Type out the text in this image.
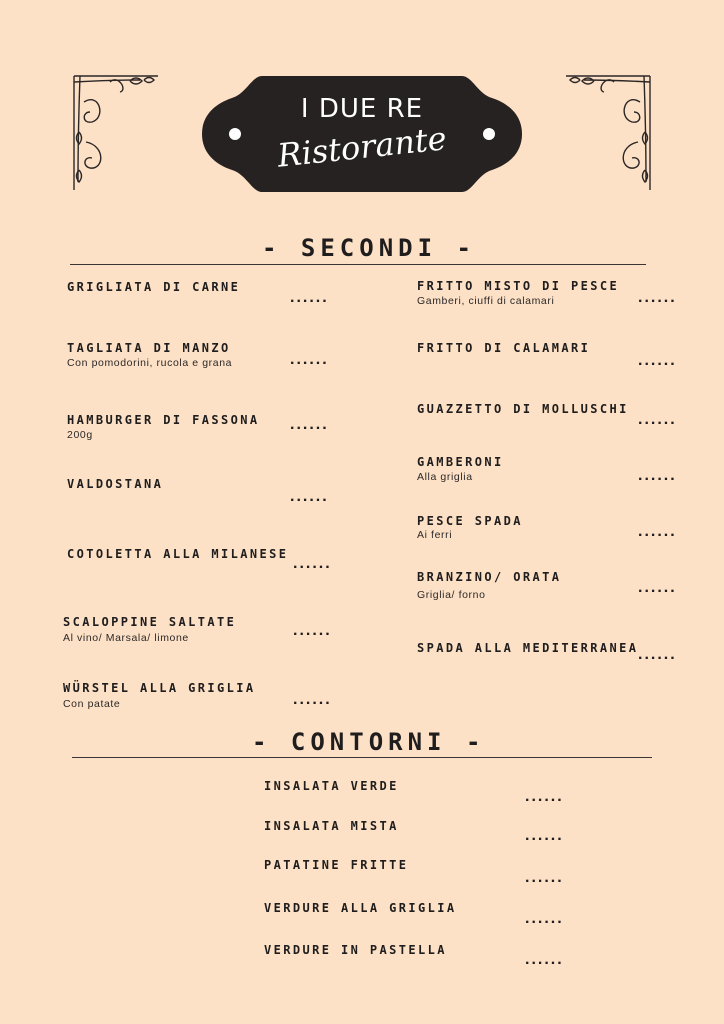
I DUE RE
Ristorante
- SECONDI -
GRIGLIATA DI CARNE
......
TAGLIATA DI MANZO
Con pomodorini, rucola e grana	......
HAMBURGER DI FASSONA
200g
......
VALDOSTANA
......
COTOLETTA ALLA MILANESE
......
SCALOPPINE SALTATE
Al vino/ Marsala/ limone	......
WÜRSTEL ALLA GRIGLIA
Con patate	......
FRITTO MISTO DI PESCE
Gamberi, ciuffi di calamari	......
FRITTO DI CALAMARI
......
GUAZZETTO DI MOLLUSCHI
......
GAMBERONI
Alla griglia	......
PESCE SPADA
Ai ferri	......
BRANZINO/ ORATA
Griglia/ forno	......
SPADA ALLA MEDITERRANEA ......
- CONTORNI -
INSALATA VERDE
......
INSALATA MISTA
......
PATATINE FRITTE
......
VERDURE ALLA GRIGLIA
......
VERDURE IN PASTELLA
......
